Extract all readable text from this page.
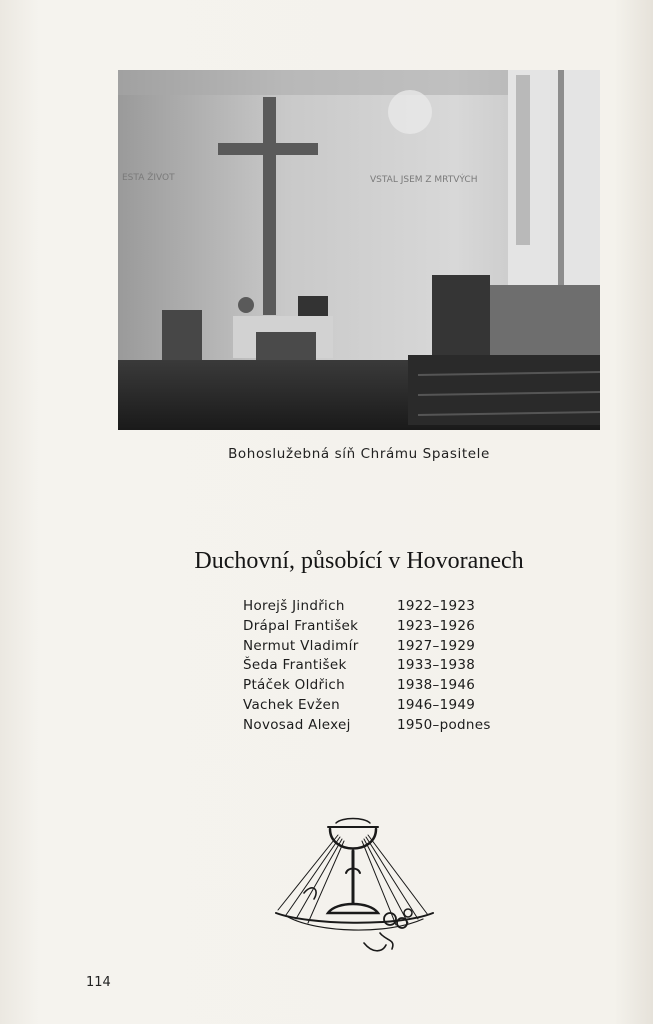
ESTA ŽIVOT	VSTAL JSEM Z MRTVÝCH
Bohoslužebná síň Chrámu Spasitele
Duchovní, působící v Hovoranech
Horejš Jindřich	1922–1923
Drápal František	1923–1926
Nermut Vladimír	1927–1929
Šeda František	1933–1938
Ptáček Oldřich	1938–1946
Vachek Evžen	1946–1949
Novosad Alexej	1950–podnes
114
